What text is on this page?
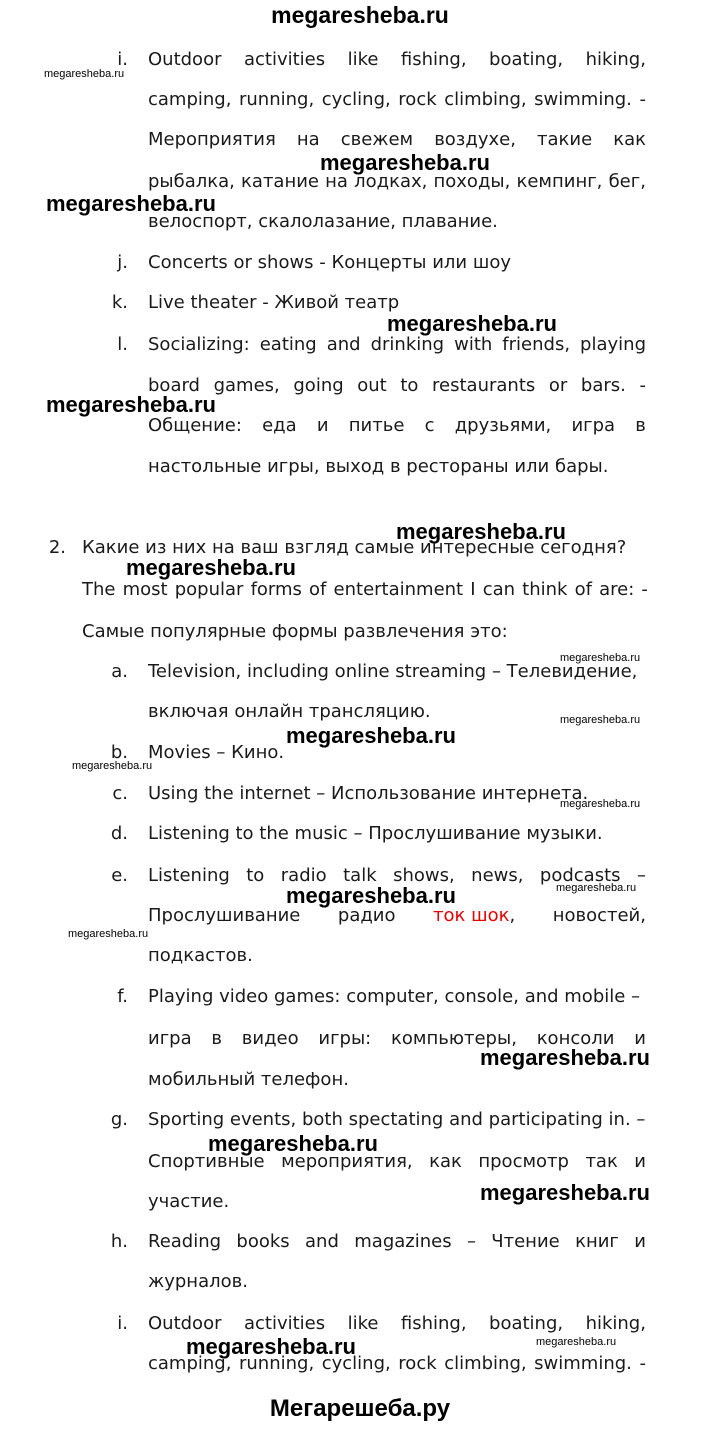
megaresheba.ru
i. Outdoor activities like fishing, boating, hiking,
camping, running, cycling, rock climbing, swimming. -
Мероприятия на свежем воздухе, такие как
рыбалка, катание на лодках, походы, кемпинг, бег,
велоспорт, скалолазание, плавание.
j. Concerts or shows - Концерты или шоу
k. Live theater - Живой театр
l. Socializing: eating and drinking with friends, playing
board games, going out to restaurants or bars. -
Общение: еда и питье с друзьями, игра в
настольные игры, выход в рестораны или бары.
2. Какие из них на ваш взгляд самые интересные сегодня?
The most popular forms of entertainment I can think of are: -
Самые популярные формы развлечения это:
a. Television, including online streaming – Телевидение,
включая онлайн трансляцию.
b. Movies – Кино.
c. Using the internet – Использование интернета.
d. Listening to the music – Прослушивание музыки.
e. Listening to radio talk shows, news, podcasts –
Прослушивание радио ток шок, новостей,
подкастов.
f. Playing video games: computer, console, and mobile –
игра в видео игры: компьютеры, консоли и
мобильный телефон.
g. Sporting events, both spectating and participating in. –
Спортивные мероприятия, как просмотр так и
участие.
h. Reading books and magazines – Чтение книг и
журналов.
i. Outdoor activities like fishing, boating, hiking,
camping, running, cycling, rock climbing, swimming. -
megaresheba.ru
megaresheba.ru
megaresheba.ru
megaresheba.ru
megaresheba.ru
megaresheba.ru
megaresheba.ru
megaresheba.ru
megaresheba.ru
megaresheba.ru
megaresheba.ru
megaresheba.ru
megaresheba.ru
megaresheba.ru
megaresheba.ru
megaresheba.ru
megaresheba.ru
megaresheba.ru
megaresheba.ru	megaresheba.ru
Мегарешеба.ру
